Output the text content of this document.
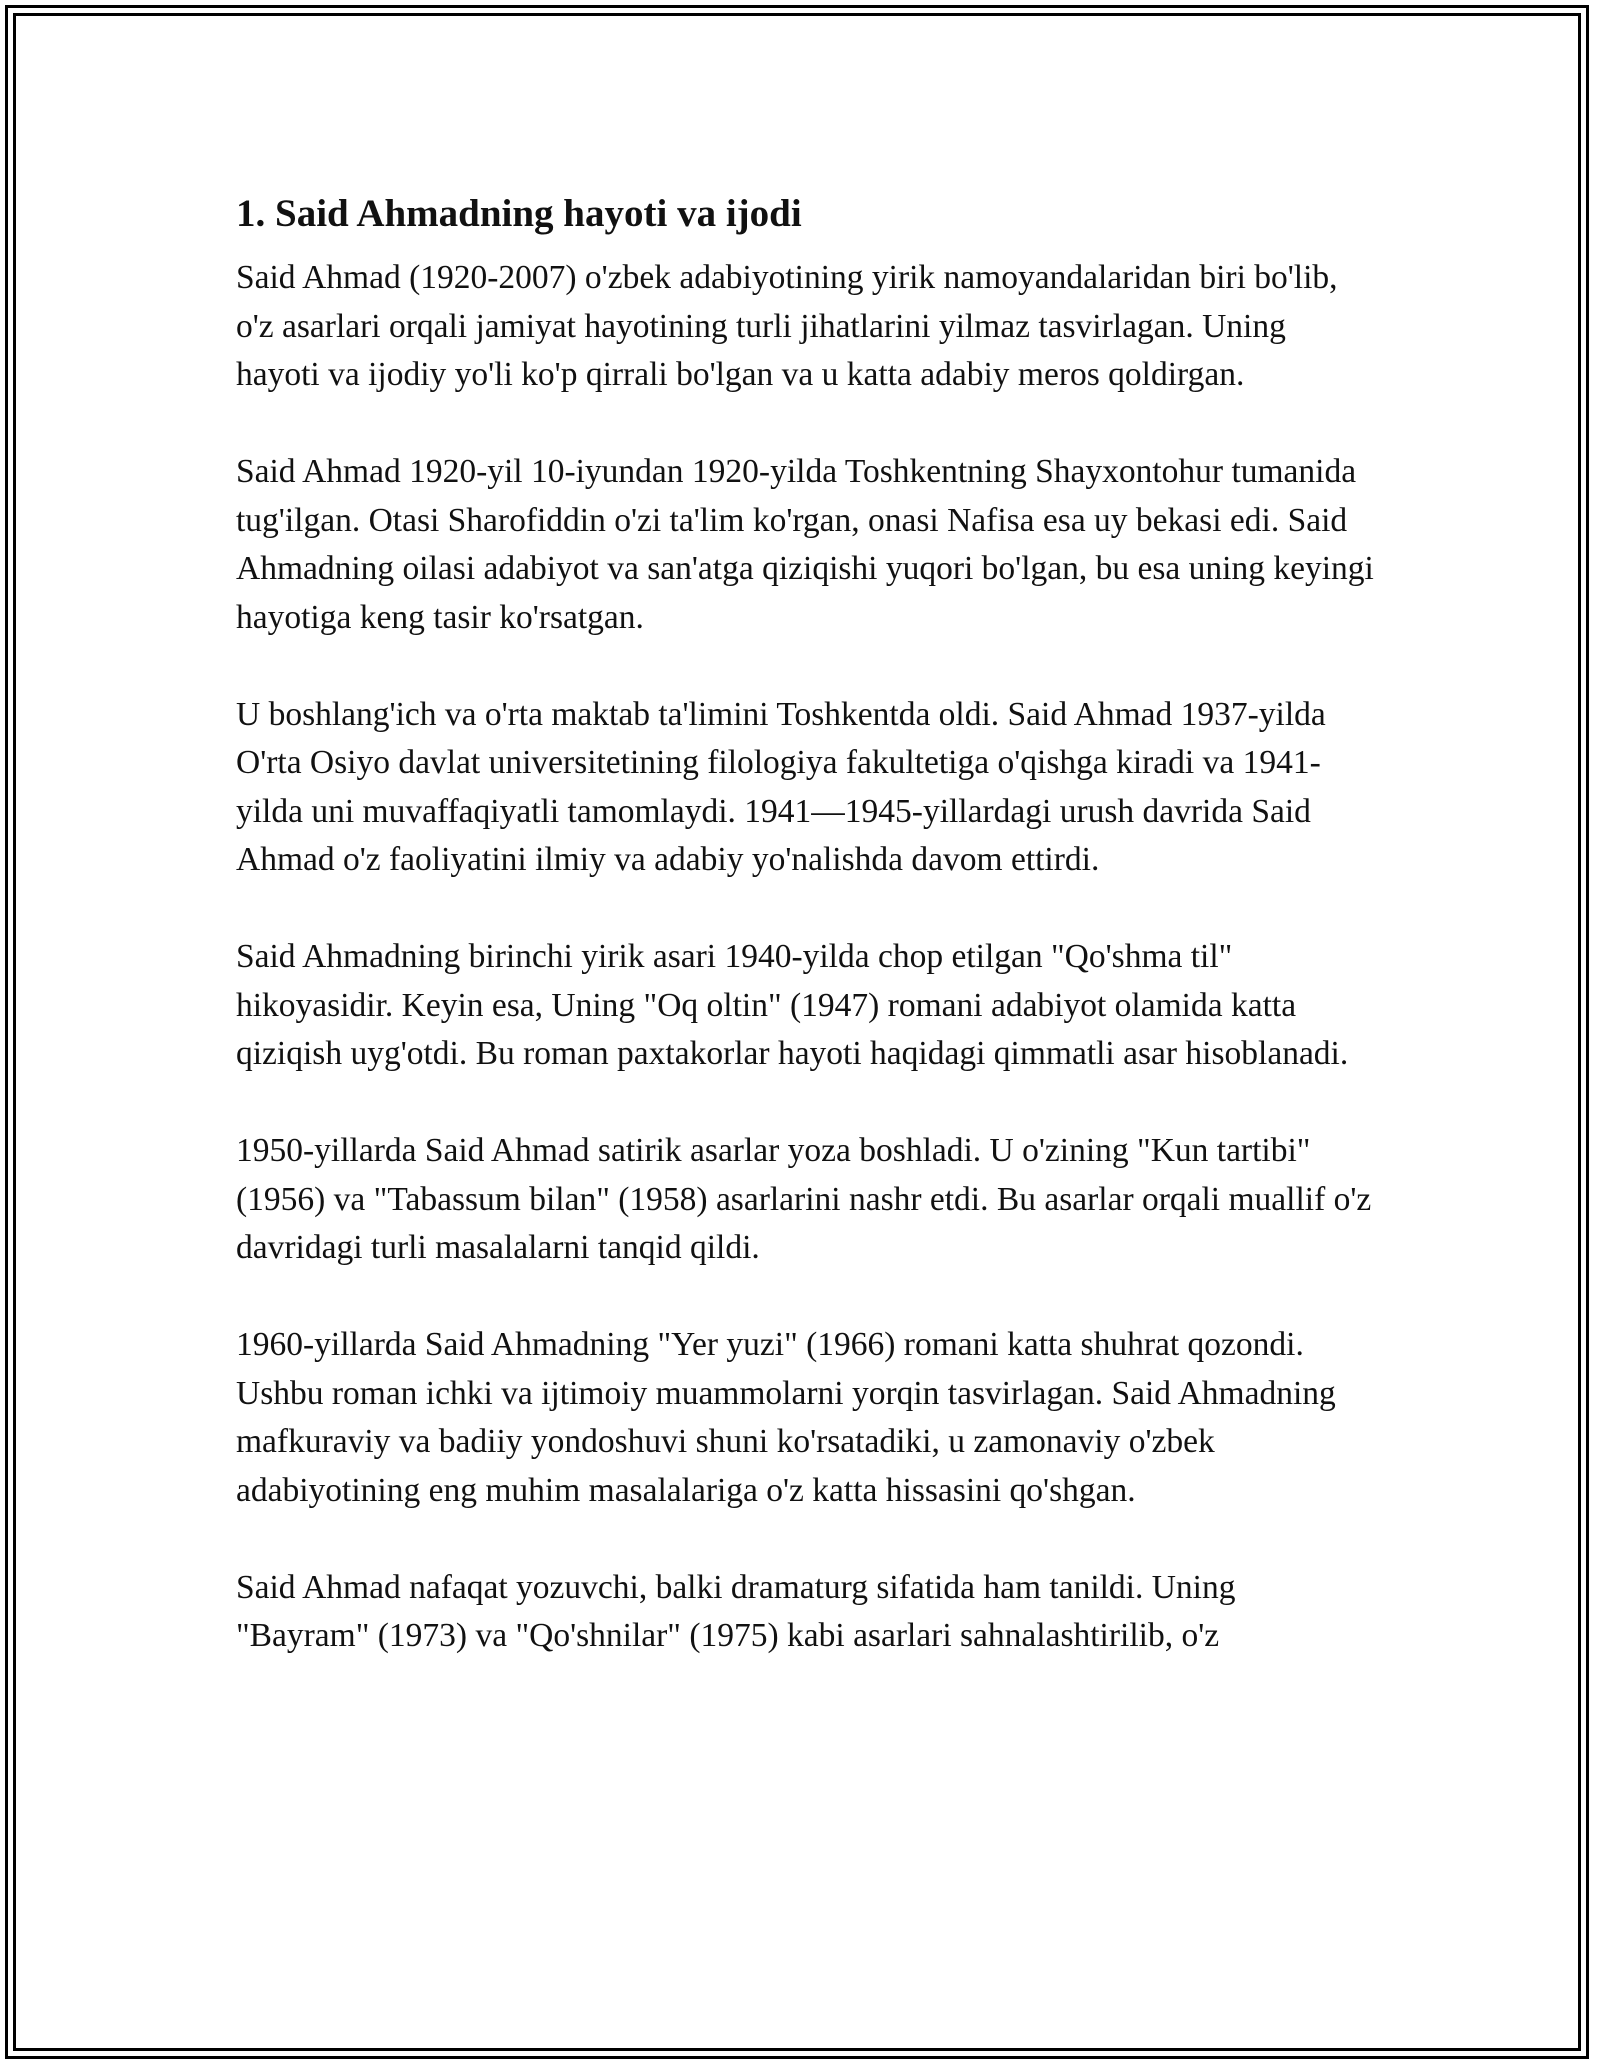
1. Said Ahmadning hayoti va ijodi

Said Ahmad (1920-2007) o'zbek adabiyotining yirik namoyandalaridan biri bo'lib, o'z asarlari orqali jamiyat hayotining turli jihatlarini yilmaz tasvirlagan. Uning hayoti va ijodiy yo'li ko'p qirrali bo'lgan va u katta adabiy meros qoldirgan.

Said Ahmad 1920-yil 10-iyundan 1920-yilda Toshkentning Shayxontohur tumanida tug'ilgan. Otasi Sharofiddin o'zi ta'lim ko'rgan, onasi Nafisa esa uy bekasi edi. Said Ahmadning oilasi adabiyot va san'atga qiziqishi yuqori bo'lgan, bu esa uning keyingi hayotiga keng tasir ko'rsatgan.

U boshlang'ich va o'rta maktab ta'limini Toshkentda oldi. Said Ahmad 1937-yilda O'rta Osiyo davlat universitetining filologiya fakultetiga o'qishga kiradi va 1941-yilda uni muvaffaqiyatli tamomlaydi. 1941—1945-yillardagi urush davrida Said Ahmad o'z faoliyatini ilmiy va adabiy yo'nalishda davom ettirdi.

Said Ahmadning birinchi yirik asari 1940-yilda chop etilgan "Qo'shma til" hikoyasidir. Keyin esa, Uning "Oq oltin" (1947) romani adabiyot olamida katta qiziqish uyg'otdi. Bu roman paxtakorlar hayoti haqidagi qimmatli asar hisoblanadi.

1950-yillarda Said Ahmad satirik asarlar yoza boshladi. U o'zining "Kun tartibi" (1956) va "Tabassum bilan" (1958) asarlarini nashr etdi. Bu asarlar orqali muallif o'z davridagi turli masalalarni tanqid qildi.

1960-yillarda Said Ahmadning "Yer yuzi" (1966) romani katta shuhrat qozondi. Ushbu roman ichki va ijtimoiy muammolarni yorqin tasvirlagan. Said Ahmadning mafkuraviy va badiiy yondoshuvi shuni ko'rsatadiki, u zamonaviy o'zbek adabiyotining eng muhim masalalariga o'z katta hissasini qo'shgan.

Said Ahmad nafaqat yozuvchi, balki dramaturg sifatida ham tanildi. Uning "Bayram" (1973) va "Qo'shnilar" (1975) kabi asarlari sahnalashtirilib, o'z
